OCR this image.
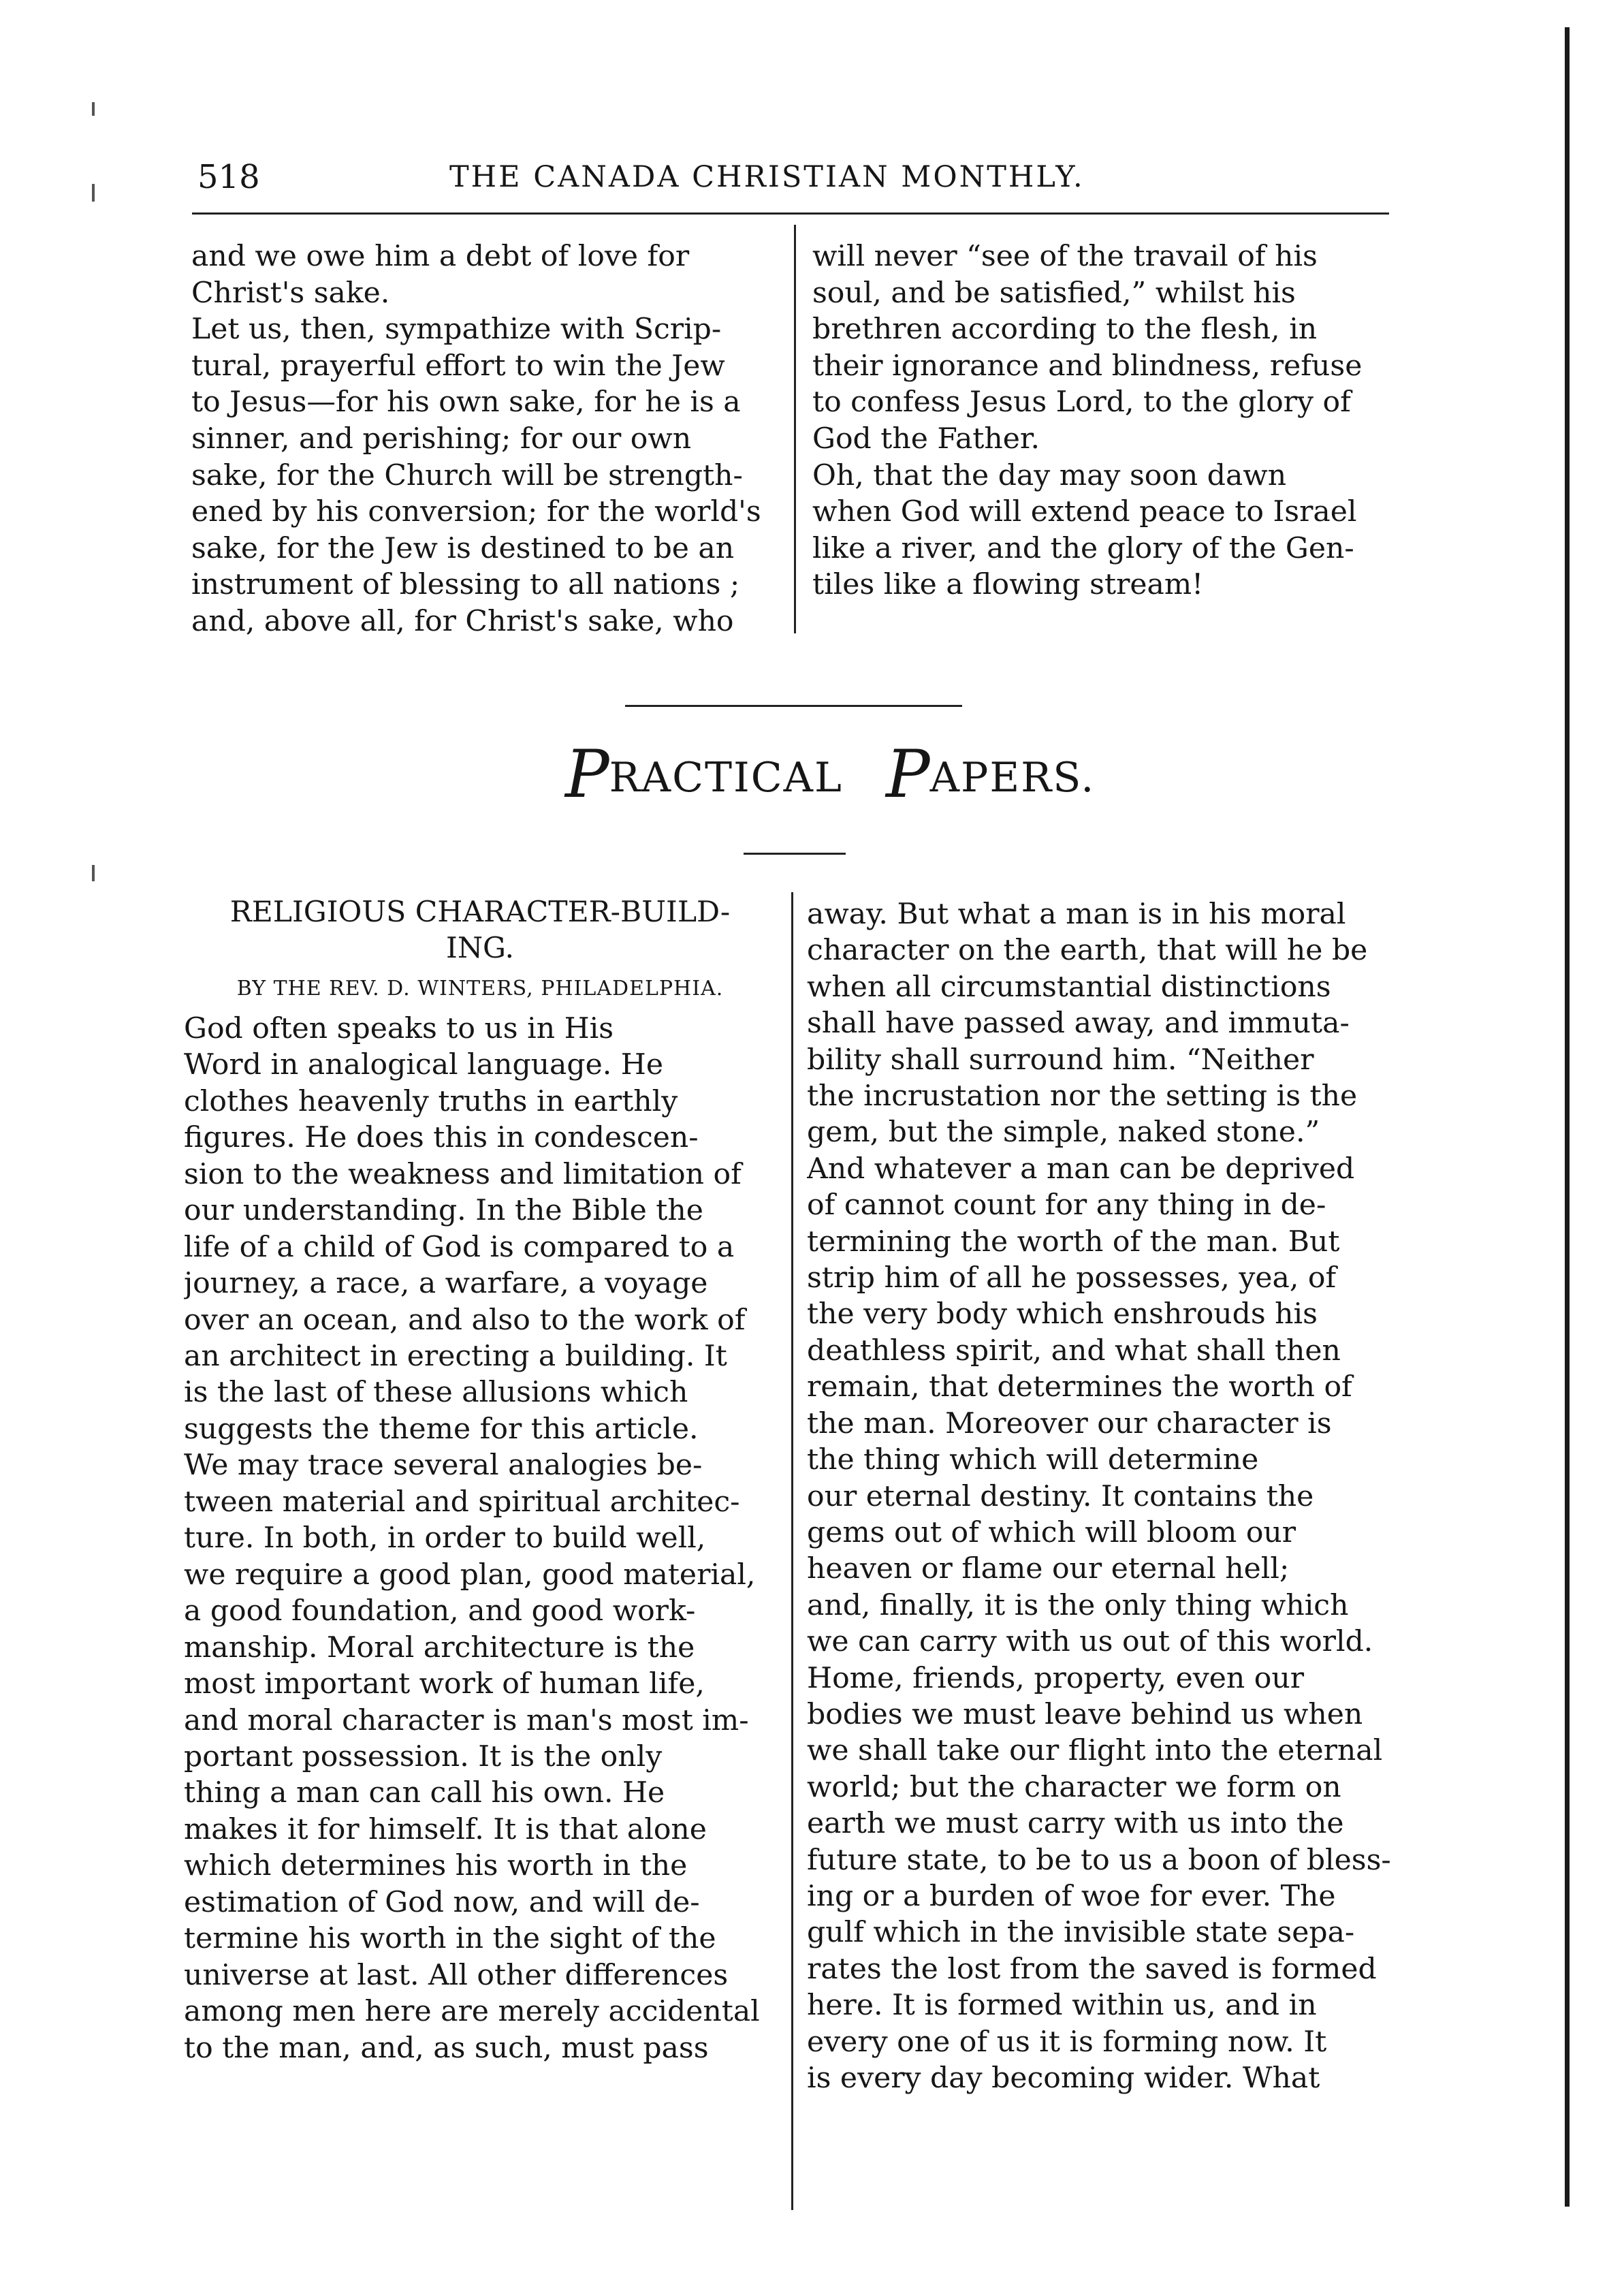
518	THE CANADA CHRISTIAN MONTHLY.

and we owe him a debt of love for

Christ's sake.

Let us, then, sympathize with Scrip-

tural, prayerful effort to win the Jew

to Jesus—for his own sake, for he is a

sinner, and perishing; for our own

sake, for the Church will be strength-

ened by his conversion; for the world's

sake, for the Jew is destined to be an

instrument of blessing to all nations ;

and, above all, for Christ's sake, who

will never “see of the travail of his

soul, and be satisfied,” whilst his

brethren according to the flesh, in

their ignorance and blindness, refuse

to confess Jesus Lord, to the glory of

God the Father.

Oh, that the day may soon dawn

when God will extend peace to Israel

like a river, and the glory of the Gen-

tiles like a flowing stream!

PRACTICAL PAPERS.

RELIGIOUS CHARACTER-BUILD-

ING.

BY THE REV. D. WINTERS, PHILADELPHIA.

God often speaks to us in His

Word in analogical language. He

clothes heavenly truths in earthly

figures. He does this in condescen-

sion to the weakness and limitation of

our understanding. In the Bible the

life of a child of God is compared to a

journey, a race, a warfare, a voyage

over an ocean, and also to the work of

an architect in erecting a building. It

is the last of these allusions which

suggests the theme for this article.

We may trace several analogies be-

tween material and spiritual architec-

ture. In both, in order to build well,

we require a good plan, good material,

a good foundation, and good work-

manship. Moral architecture is the

most important work of human life,

and moral character is man's most im-

portant possession. It is the only

thing a man can call his own. He

makes it for himself. It is that alone

which determines his worth in the

estimation of God now, and will de-

termine his worth in the sight of the

universe at last. All other differences

among men here are merely accidental

to the man, and, as such, must pass

away. But what a man is in his moral

character on the earth, that will he be

when all circumstantial distinctions

shall have passed away, and immuta-

bility shall surround him. “Neither

the incrustation nor the setting is the

gem, but the simple, naked stone.”

And whatever a man can be deprived

of cannot count for any thing in de-

termining the worth of the man. But

strip him of all he possesses, yea, of

the very body which enshrouds his

deathless spirit, and what shall then

remain, that determines the worth of

the man. Moreover our character is

the thing which will determine

our eternal destiny. It contains the

gems out of which will bloom our

heaven or flame our eternal hell;

and, finally, it is the only thing which

we can carry with us out of this world.

Home, friends, property, even our

bodies we must leave behind us when

we shall take our flight into the eternal

world; but the character we form on

earth we must carry with us into the

future state, to be to us a boon of bless-

ing or a burden of woe for ever. The

gulf which in the invisible state sepa-

rates the lost from the saved is formed

here. It is formed within us, and in

every one of us it is forming now. It

is every day becoming wider. What
